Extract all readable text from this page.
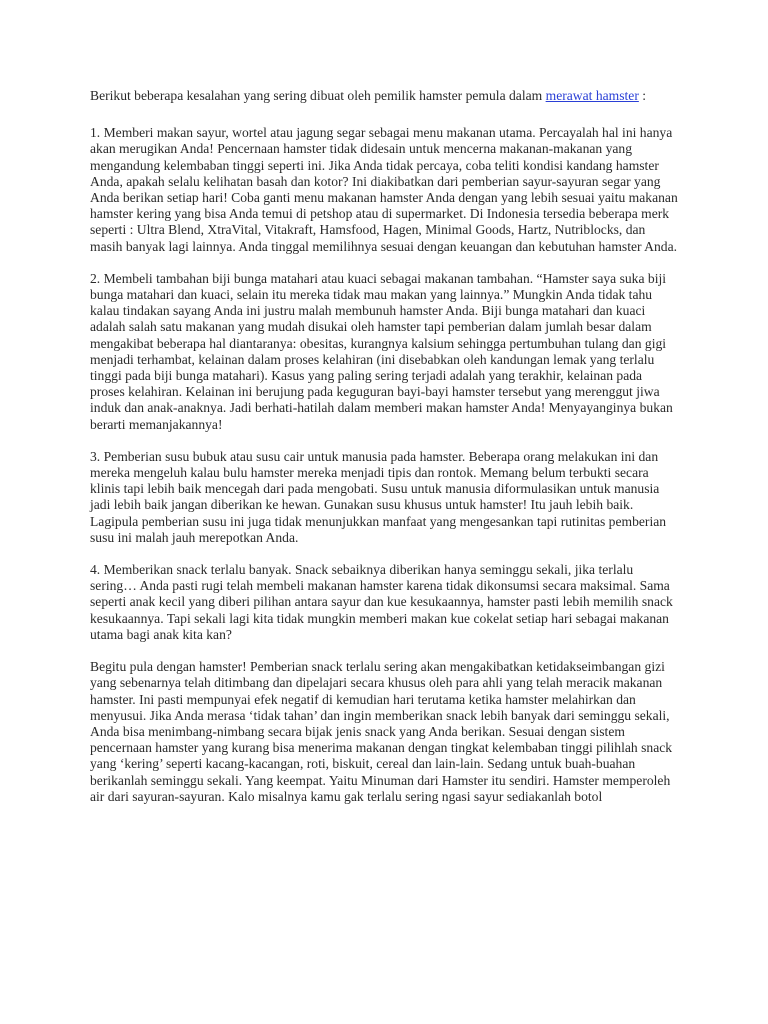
Berikut beberapa kesalahan yang sering dibuat oleh pemilik hamster pemula dalam merawat hamster :

1. Memberi makan sayur, wortel atau jagung segar sebagai menu makanan utama. Percayalah hal ini hanya akan merugikan Anda! Pencernaan hamster tidak didesain untuk mencerna makanan-makanan yang mengandung kelembaban tinggi seperti ini. Jika Anda tidak percaya, coba teliti kondisi kandang hamster Anda, apakah selalu kelihatan basah dan kotor? Ini diakibatkan dari pemberian sayur-sayuran segar yang Anda berikan setiap hari! Coba ganti menu makanan hamster Anda dengan yang lebih sesuai yaitu makanan hamster kering yang bisa Anda temui di petshop atau di supermarket. Di Indonesia tersedia beberapa merk seperti : Ultra Blend, XtraVital, Vitakraft, Hamsfood, Hagen, Minimal Goods, Hartz, Nutriblocks, dan masih banyak lagi lainnya. Anda tinggal memilihnya sesuai dengan keuangan dan kebutuhan hamster Anda.

2. Membeli tambahan biji bunga matahari atau kuaci sebagai makanan tambahan. “Hamster saya suka biji bunga matahari dan kuaci, selain itu mereka tidak mau makan yang lainnya.” Mungkin Anda tidak tahu kalau tindakan sayang Anda ini justru malah membunuh hamster Anda. Biji bunga matahari dan kuaci adalah salah satu makanan yang mudah disukai oleh hamster tapi pemberian dalam jumlah besar dalam mengakibat beberapa hal diantaranya: obesitas, kurangnya kalsium sehingga pertumbuhan tulang dan gigi menjadi terhambat, kelainan dalam proses kelahiran (ini disebabkan oleh kandungan lemak yang terlalu tinggi pada biji bunga matahari). Kasus yang paling sering terjadi adalah yang terakhir, kelainan pada proses kelahiran. Kelainan ini berujung pada keguguran bayi-bayi hamster tersebut yang merenggut jiwa induk dan anak-anaknya. Jadi berhati-hatilah dalam memberi makan hamster Anda! Menyayanginya bukan berarti memanjakannya!

3. Pemberian susu bubuk atau susu cair untuk manusia pada hamster. Beberapa orang melakukan ini dan mereka mengeluh kalau bulu hamster mereka menjadi tipis dan rontok. Memang belum terbukti secara klinis tapi lebih baik mencegah dari pada mengobati. Susu untuk manusia diformulasikan untuk manusia jadi lebih baik jangan diberikan ke hewan. Gunakan susu khusus untuk hamster! Itu jauh lebih baik. Lagipula pemberian susu ini juga tidak menunjukkan manfaat yang mengesankan tapi rutinitas pemberian susu ini malah jauh merepotkan Anda.

4. Memberikan snack terlalu banyak. Snack sebaiknya diberikan hanya seminggu sekali, jika terlalu sering… Anda pasti rugi telah membeli makanan hamster karena tidak dikonsumsi secara maksimal. Sama seperti anak kecil yang diberi pilihan antara sayur dan kue kesukaannya, hamster pasti lebih memilih snack kesukaannya. Tapi sekali lagi kita tidak mungkin memberi makan kue cokelat setiap hari sebagai makanan utama bagi anak kita kan?

Begitu pula dengan hamster! Pemberian snack terlalu sering akan mengakibatkan ketidakseimbangan gizi yang sebenarnya telah ditimbang dan dipelajari secara khusus oleh para ahli yang telah meracik makanan hamster. Ini pasti mempunyai efek negatif di kemudian hari terutama ketika hamster melahirkan dan menyusui. Jika Anda merasa ‘tidak tahan’ dan ingin memberikan snack lebih banyak dari seminggu sekali, Anda bisa menimbang-nimbang secara bijak jenis snack yang Anda berikan. Sesuai dengan sistem pencernaan hamster yang kurang bisa menerima makanan dengan tingkat kelembaban tinggi pilihlah snack yang ‘kering’ seperti kacang-kacangan, roti, biskuit, cereal dan lain-lain. Sedang untuk buah-buahan berikanlah seminggu sekali. Yang keempat. Yaitu Minuman dari Hamster itu sendiri. Hamster memperoleh air dari sayuran-sayuran. Kalo misalnya kamu gak terlalu sering ngasi sayur sediakanlah botol
